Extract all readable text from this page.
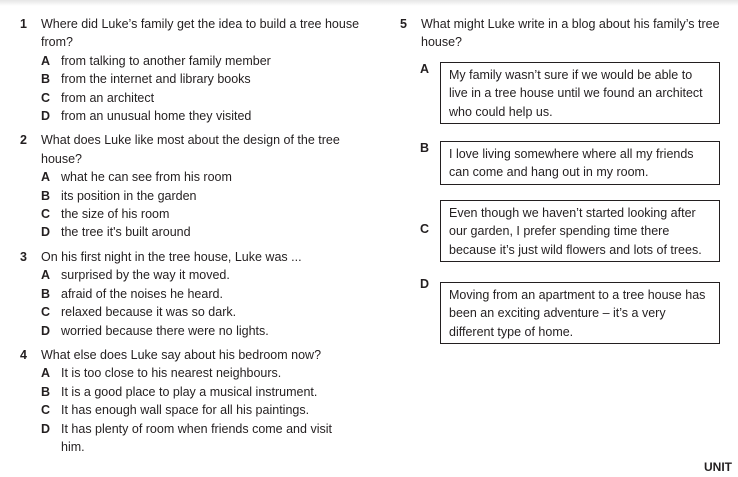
1 Where did Luke’s family get the idea to build a tree house from?
A from talking to another family member
B from the internet and library books
C from an architect
D from an unusual home they visited
2 What does Luke like most about the design of the tree house?
A what he can see from his room
B its position in the garden
C the size of his room
D the tree it's built around
3 On his first night in the tree house, Luke was ...
A surprised by the way it moved.
B afraid of the noises he heard.
C relaxed because it was so dark.
D worried because there were no lights.
4 What else does Luke say about his bedroom now?
A It is too close to his nearest neighbours.
B It is a good place to play a musical instrument.
C It has enough wall space for all his paintings.
D It has plenty of room when friends come and visit him.
5 What might Luke write in a blog about his family’s tree house?
A	My family wasn’t sure if we would be able to live in a tree house until we found an architect who could help us.
B	I love living somewhere where all my friends can come and hang out in my room.
C
Even though we haven’t started looking after our garden, I prefer spending time there because it’s just wild flowers and lots of trees.
D
Moving from an apartment to a tree house has been an exciting adventure – it’s a very different type of home.
UNIT
